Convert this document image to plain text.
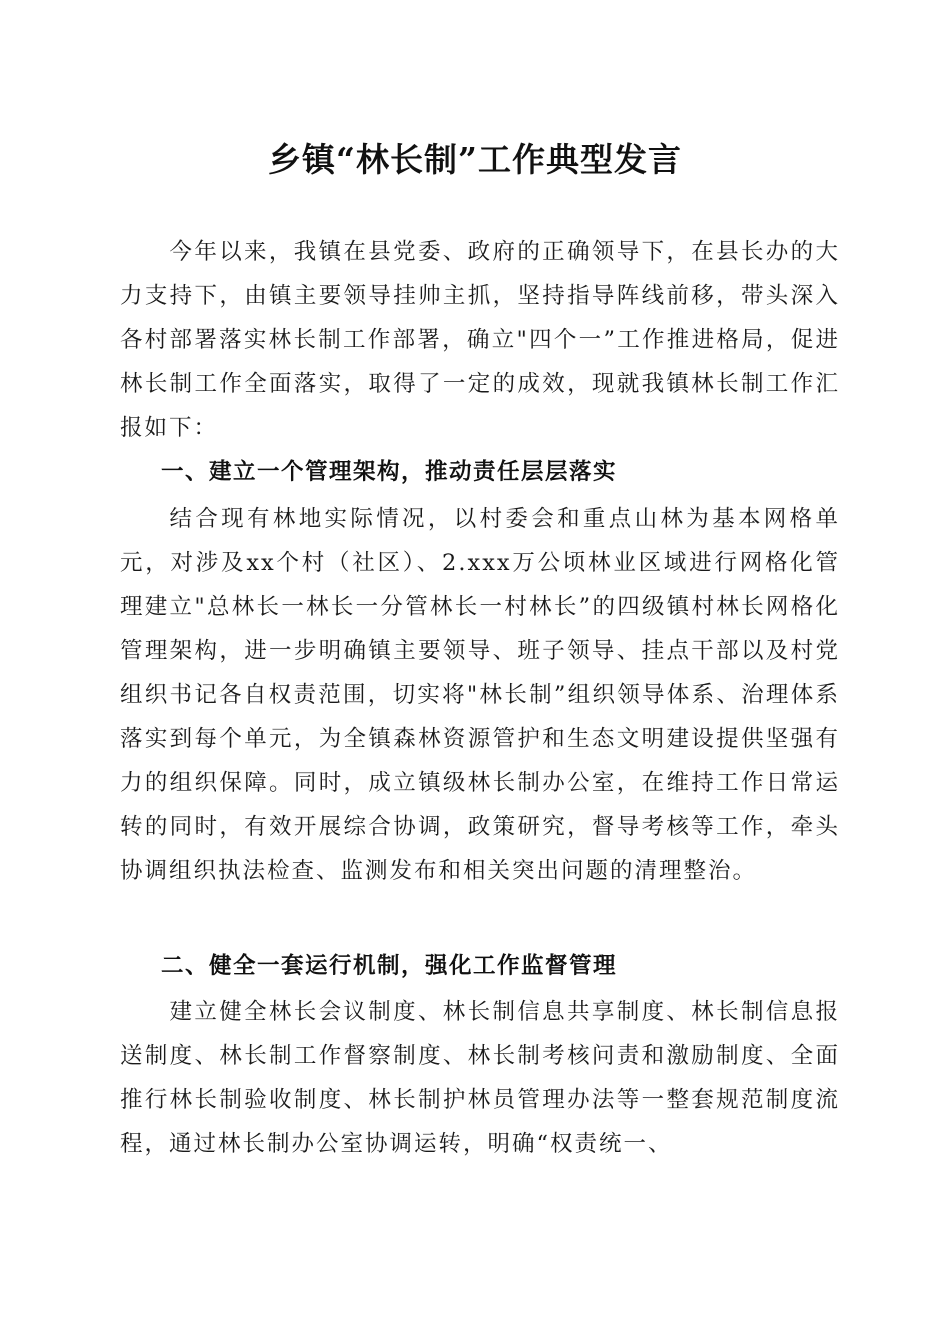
乡镇“林长制”工作典型发言

今年以来，我镇在县党委、政府的正确领导下，在县长办的大力支持下，由镇主要领导挂帅主抓，坚持指导阵线前移，带头深入各村部署落实林长制工作部署，确立"四个一”工作推进格局，促进林长制工作全面落实，取得了一定的成效，现就我镇林长制工作汇报如下：

一、建立一个管理架构，推动责任层层落实

结合现有林地实际情况，以村委会和重点山林为基本网格单元，对涉及xx个村（社区）、2.xxx万公顷林业区域进行网格化管理建立"总林长一林长一分管林长一村林长”的四级镇村林长网格化管理架构，进一步明确镇主要领导、班子领导、挂点干部以及村党组织书记各自权责范围，切实将"林长制”组织领导体系、治理体系落实到每个单元，为全镇森林资源管护和生态文明建设提供坚强有力的组织保障。同时，成立镇级林长制办公室，在维持工作日常运转的同时，有效开展综合协调，政策研究，督导考核等工作，牵头协调组织执法检查、监测发布和相关突出问题的清理整治。

二、健全一套运行机制，强化工作监督管理

建立健全林长会议制度、林长制信息共享制度、林长制信息报送制度、林长制工作督察制度、林长制考核问责和激励制度、全面推行林长制验收制度、林长制护林员管理办法等一整套规范制度流程，通过林长制办公室协调运转，明确“权责统一、
